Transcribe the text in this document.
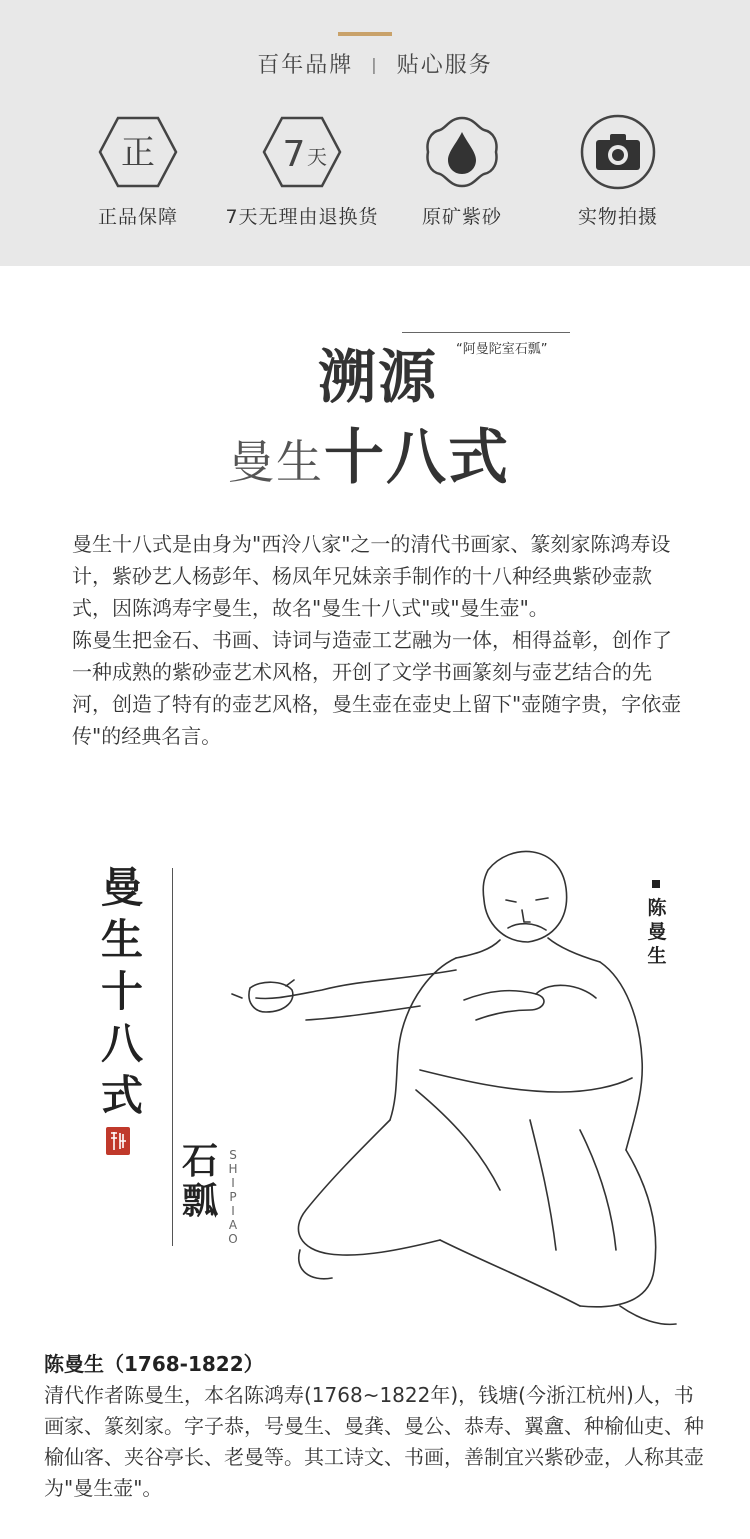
百年品牌 | 贴心服务
正
正品保障
7 天
7天无理由退换货	原矿紫砂	实物拍摄
“阿曼陀室石瓢”
溯源
曼生十八式

曼生十八式是由身为"西泠八家"之一的清代书画家、篆刻家陈鸿寿设计，紫砂艺人杨彭年、杨凤年兄妹亲手制作的十八种经典紫砂壶款式，因陈鸿寿字曼生，故名"曼生十八式"或"曼生壶"。

陈曼生把金石、书画、诗词与造壶工艺融为一体，相得益彰，创作了一种成熟的紫砂壶艺术风格，开创了文学书画篆刻与壶艺结合的先河，创造了特有的壶艺风格，曼生壶在壶史上留下"壶随字贵，字依壶传"的经典名言。

曼
生
十
八
式
石
瓢
S
H
I
P
I
A
O
陈
曼
生
陈曼生（1768-1822）
清代作者陈曼生，本名陈鸿寿(1768~1822年)，钱塘(今浙江杭州)人，书画家、篆刻家。字子恭，号曼生、曼龚、曼公、恭寿、翼盦、种榆仙吏、种榆仙客、夹谷亭长、老曼等。其工诗文、书画，善制宜兴紫砂壶，人称其壶为"曼生壶"。
